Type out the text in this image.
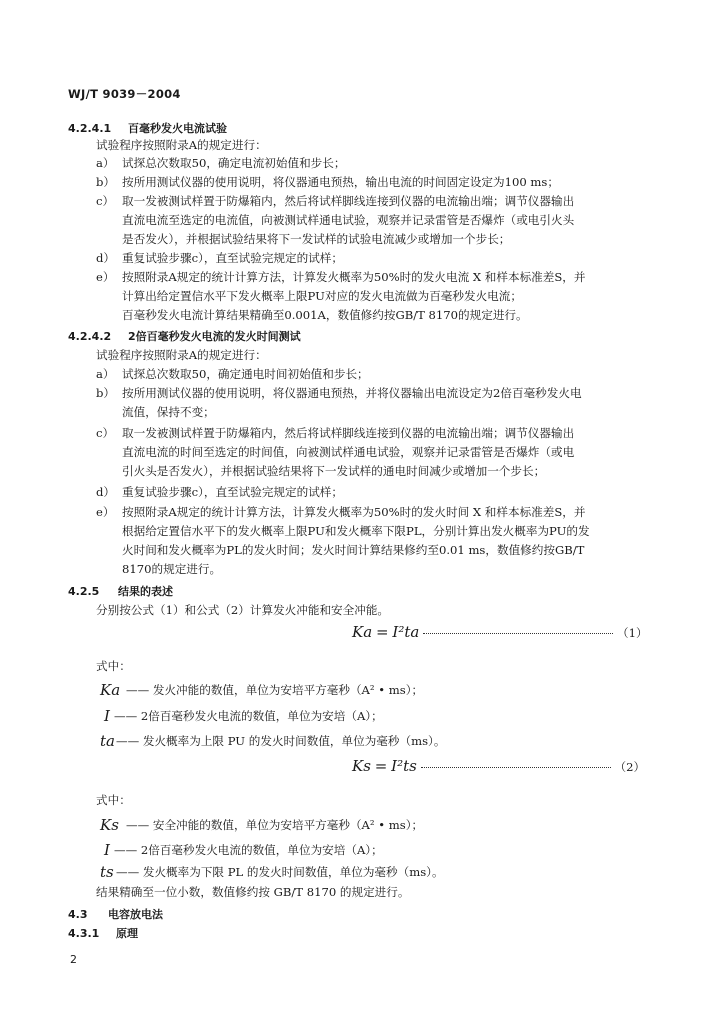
WJ/T 9039－2004
4.2.4.1 百毫秒发火电流试验
试验程序按照附录A的规定进行：
a） 试探总次数取50，确定电流初始值和步长；
b） 按所用测试仪器的使用说明，将仪器通电预热，输出电流的时间固定设定为100 ms；
c） 取一发被测试样置于防爆箱内，然后将试样脚线连接到仪器的电流输出端；调节仪器输出
直流电流至选定的电流值，向被测试样通电试验，观察并记录雷管是否爆炸（或电引火头
是否发火），并根据试验结果将下一发试样的试验电流减少或增加一个步长；
d） 重复试验步骤c），直至试验完规定的试样；
e） 按照附录A规定的统计计算方法，计算发火概率为50%时的发火电流 X 和样本标准差S，并
计算出给定置信水平下发火概率上限PU对应的发火电流做为百毫秒发火电流；
百毫秒发火电流计算结果精确至0.001A，数值修约按GB/T 8170的规定进行。
4.2.4.2 2倍百毫秒发火电流的发火时间测试
试验程序按照附录A的规定进行：
a） 试探总次数取50，确定通电时间初始值和步长；
b） 按所用测试仪器的使用说明，将仪器通电预热，并将仪器输出电流设定为2倍百毫秒发火电
流值，保持不变；
c） 取一发被测试样置于防爆箱内，然后将试样脚线连接到仪器的电流输出端；调节仪器输出
直流电流的时间至选定的时间值，向被测试样通电试验，观察并记录雷管是否爆炸（或电
引火头是否发火），并根据试验结果将下一发试样的通电时间减少或增加一个步长；
d） 重复试验步骤c），直至试验完规定的试样；
e） 按照附录A规定的统计计算方法，计算发火概率为50%时的发火时间 X 和样本标准差S，并
根据给定置信水平下的发火概率上限PU和发火概率下限PL，分别计算出发火概率为PU的发
火时间和发火概率为PL的发火时间；发火时间计算结果修约至0.01 ms，数值修约按GB/T
8170的规定进行。
4.2.5 结果的表述
分别按公式（1）和公式（2）计算发火冲能和安全冲能。
Ka = I²ta	（1）
式中：
Ka —— 发火冲能的数值，单位为安培平方毫秒（A² • ms）；
I —— 2倍百毫秒发火电流的数值，单位为安培（A）；
ta —— 发火概率为上限 PU 的发火时间数值，单位为毫秒（ms）。
Ks = I²ts	（2）
式中：
Ks —— 安全冲能的数值，单位为安培平方毫秒（A² • ms）；
I —— 2倍百毫秒发火电流的数值，单位为安培（A）；
ts —— 发火概率为下限 PL 的发火时间数值，单位为毫秒（ms）。
结果精确至一位小数，数值修约按 GB/T 8170 的规定进行。
4.3 电容放电法
4.3.1 原理
2
